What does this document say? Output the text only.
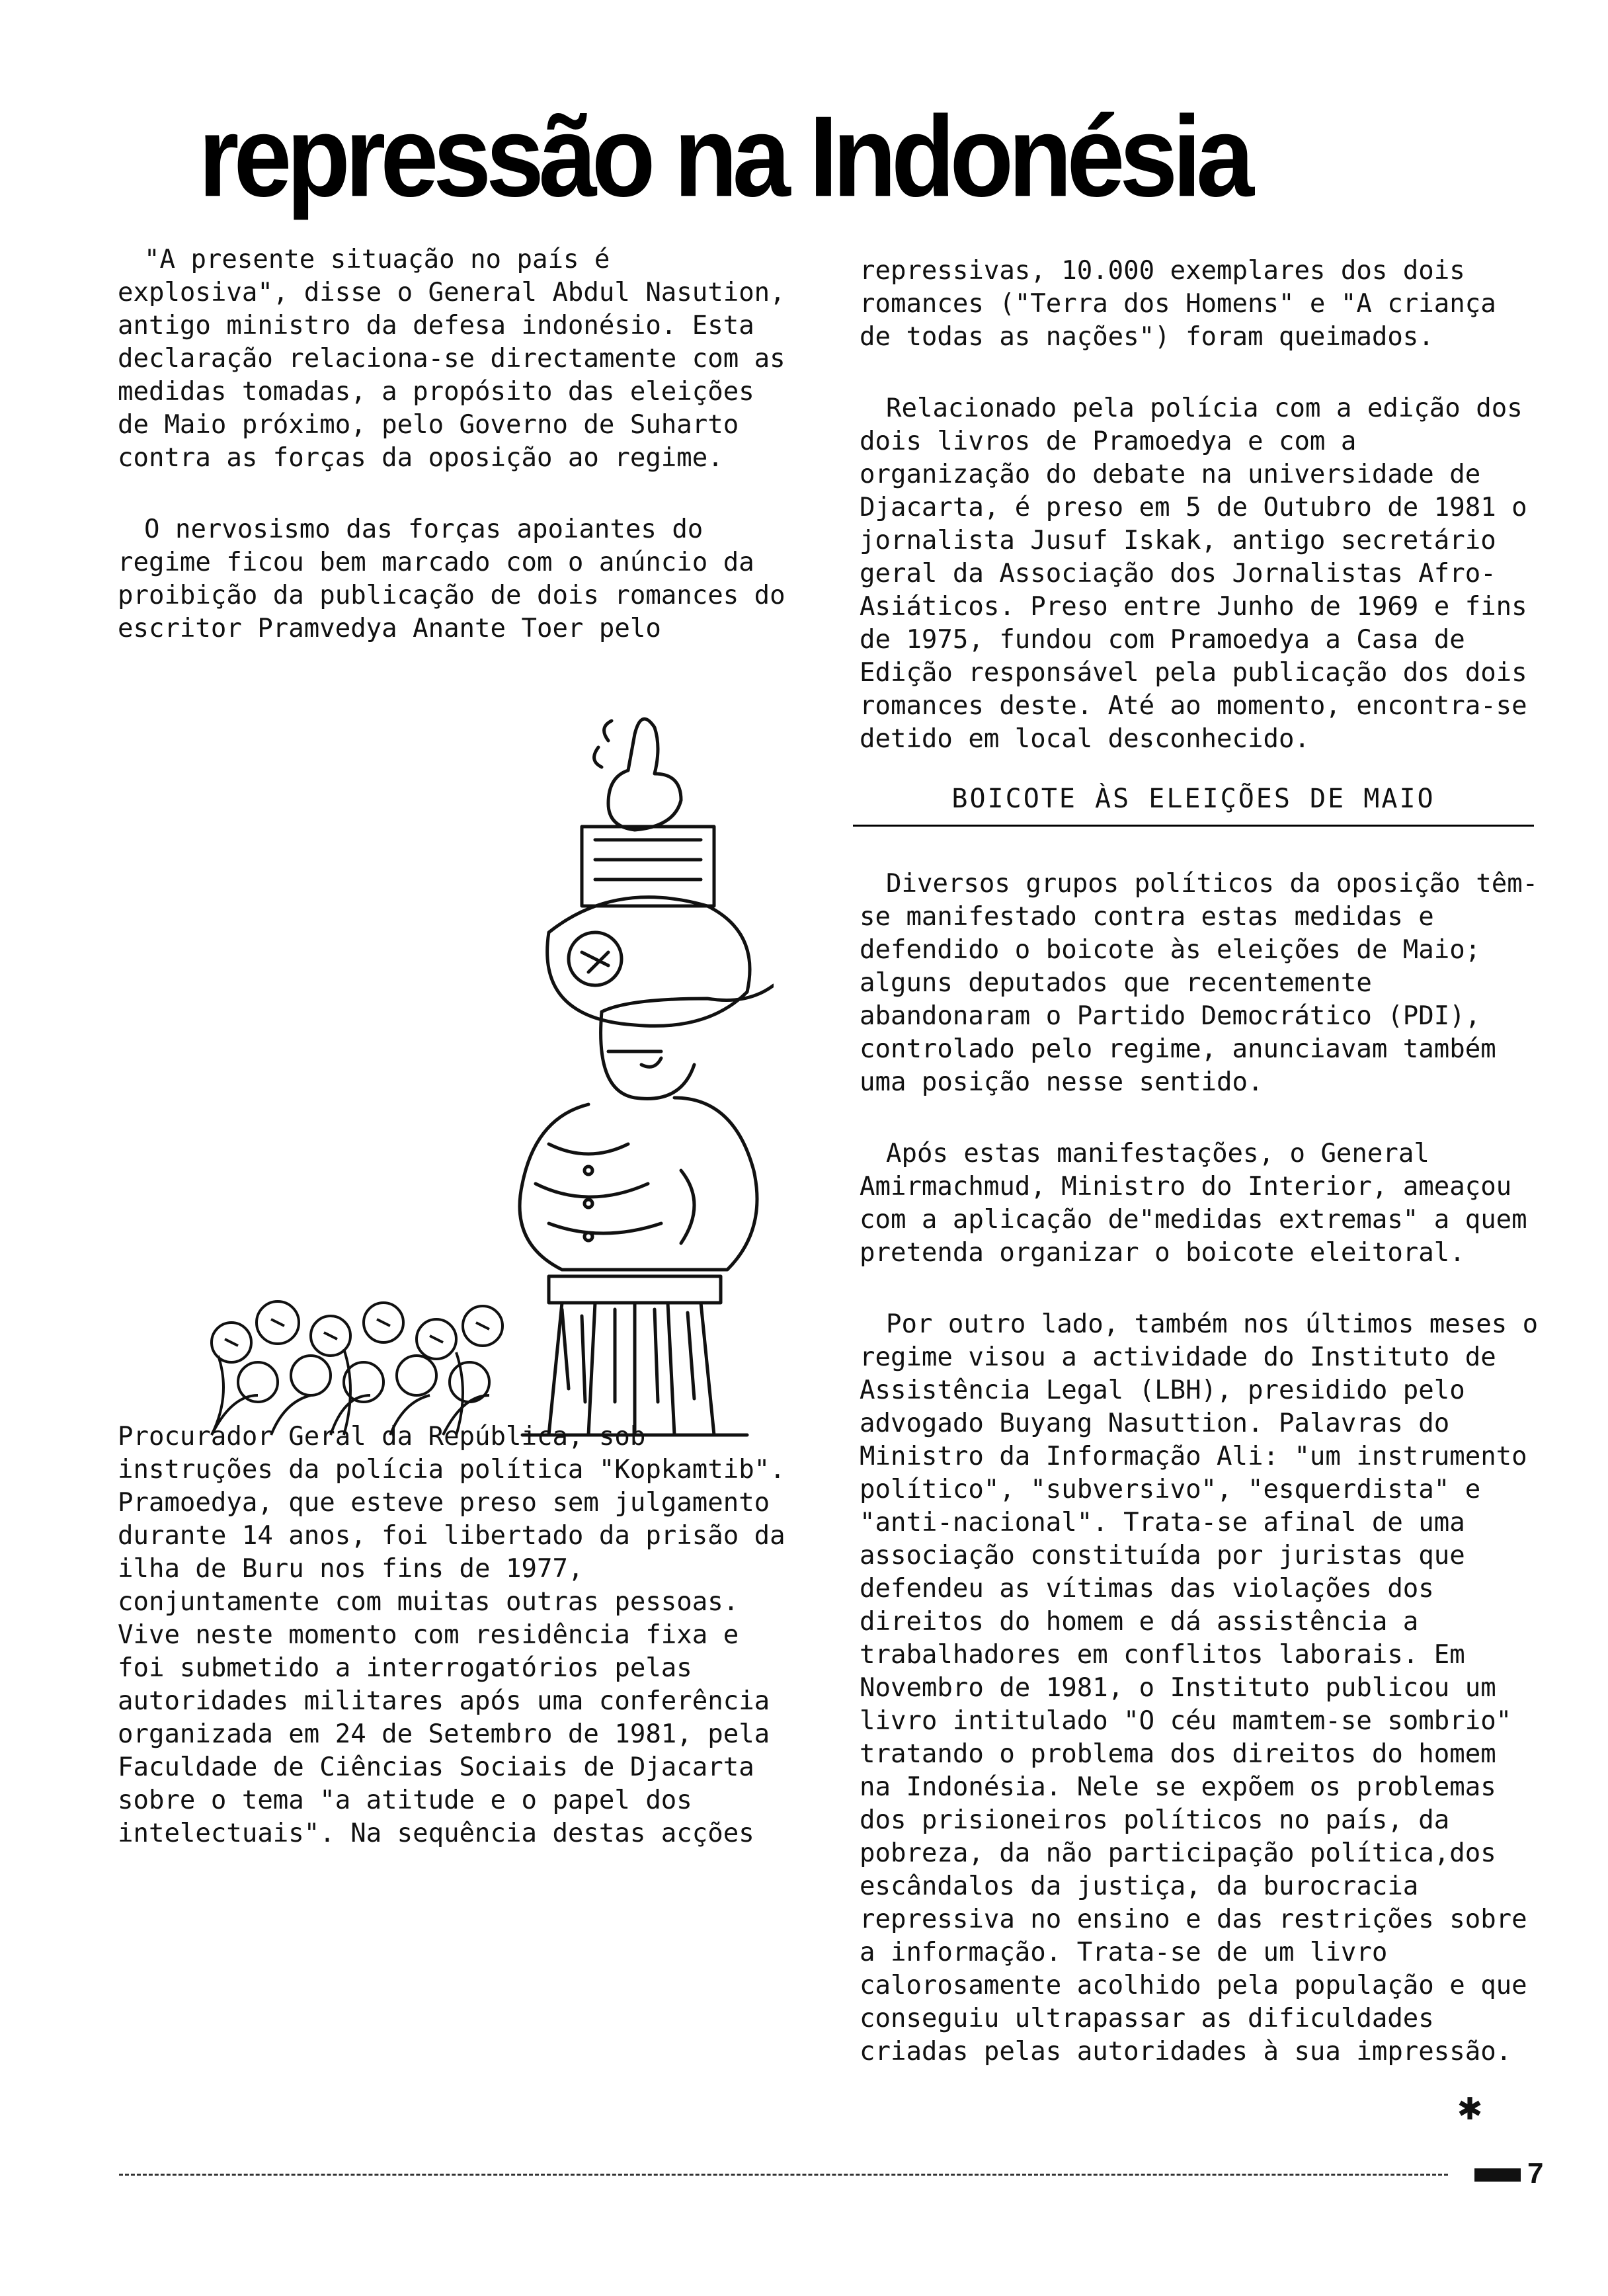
repressão na Indonésia

"A presente situação no país é explosiva", disse o General Abdul Nasution, antigo ministro da defesa indonésio. Esta declaração relaciona-se directamente com as medidas tomadas, a propósito das eleições de Maio próximo, pelo Governo de Suharto contra as forças da oposição ao regime.

O nervosismo das forças apoiantes do regime ficou bem marcado com o anúncio da proibição da publicação de dois romances do escritor Pramvedya Anante Toer pelo

Procurador Geral da República, sob instruções da polícia política "Kopkamtib". Pramoedya, que esteve preso sem julgamento durante 14 anos, foi libertado da prisão da ilha de Buru nos fins de 1977, conjuntamente com muitas outras pessoas. Vive neste momento com residência fixa e foi submetido a interrogatórios pelas autoridades militares após uma conferência organizada em 24 de Setembro de 1981, pela Faculdade de Ciências Sociais de Djacarta sobre o tema "a atitude e o papel dos intelectuais". Na sequência destas acções

repressivas, 10.000 exemplares dos dois romances ("Terra dos Homens" e "A criança de todas as nações") foram queimados.

Relacionado pela polícia com a edição dos dois livros de Pramoedya e com a organização do debate na universidade de Djacarta, é preso em 5 de Outubro de 1981 o jornalista Jusuf Iskak, antigo secretário geral da Associação dos Jornalistas Afro-Asiáticos. Preso entre Junho de 1969 e fins de 1975, fundou com Pramoedya a Casa de Edição responsável pela publicação dos dois romances deste. Até ao momento, encontra-se detido em local desconhecido.

BOICOTE ÀS ELEIÇÕES DE MAIO

Diversos grupos políticos da oposição têm-se manifestado contra estas medidas e defendido o boicote às eleições de Maio; alguns deputados que recentemente abandonaram o Partido Democrático (PDI), controlado pelo regime, anunciavam também uma posição nesse sentido.

Após estas manifestações, o General Amirmachmud, Ministro do Interior, ameaçou com a aplicação de"medidas extremas" a quem pretenda organizar o boicote eleitoral.

Por outro lado, também nos últimos meses o regime visou a actividade do Instituto de Assistência Legal (LBH), presidido pelo advogado Buyang Nasuttion. Palavras do Ministro da Informação Ali: "um instrumento político", "subversivo", "esquerdista" e "anti-nacional". Trata-se afinal de uma associação constituída por juristas que defendeu as vítimas das violações dos direitos do homem e dá assistência a trabalhadores em conflitos laborais. Em Novembro de 1981, o Instituto publicou um livro intitulado "O céu mamtem-se sombrio" tratando o problema dos direitos do homem na Indonésia. Nele se expõem os problemas dos prisioneiros políticos no país, da pobreza, da não participação política,dos escândalos da justiça, da burocracia repressiva no ensino e das restrições sobre a informação. Trata-se de um livro calorosamente acolhido pela população e que conseguiu ultrapassar as dificuldades criadas pelas autoridades à sua impressão.

✱
7
